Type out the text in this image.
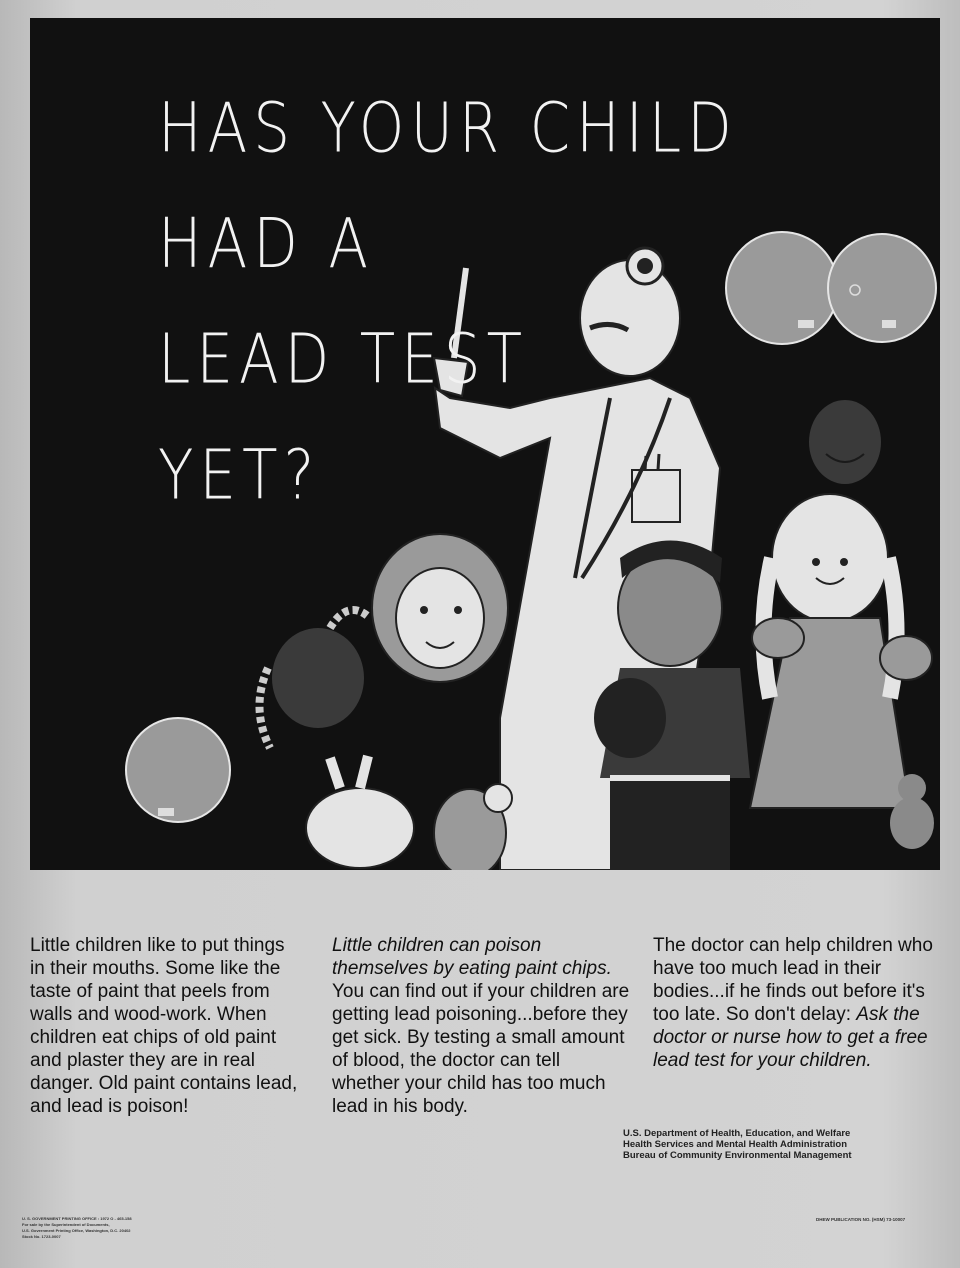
HAS YOUR CHILD HAD A
LEAD TEST
YET?

Little children like to put things in their mouths. Some like the taste of paint that peels from walls and wood-work. When children eat chips of old paint and plaster they are in real danger. Old paint contains lead, and lead is poison!

Little children can poison themselves by eating paint chips.

You can find out if your children are getting lead poisoning...before they get sick. By testing a small amount of blood, the doctor can tell whether your child has too much lead in his body.

The doctor can help children who have too much lead in their bodies...if he finds out before it's too late. So don't delay: Ask the doctor or nurse how to get a free lead test for your children.

U.S. Department of Health, Education, and Welfare
Health Services and Mental Health Administration
Bureau of Community Environmental Management
U. S. GOVERNMENT PRINTING OFFICE : 1972 O - 465-158
For sale by the Superintendent of Documents,
U.S. Government Printing Office, Washington, D.C. 20402
Stock No. 1723-0007
DHEW PUBLICATION NO. (HSM) 73-10007
